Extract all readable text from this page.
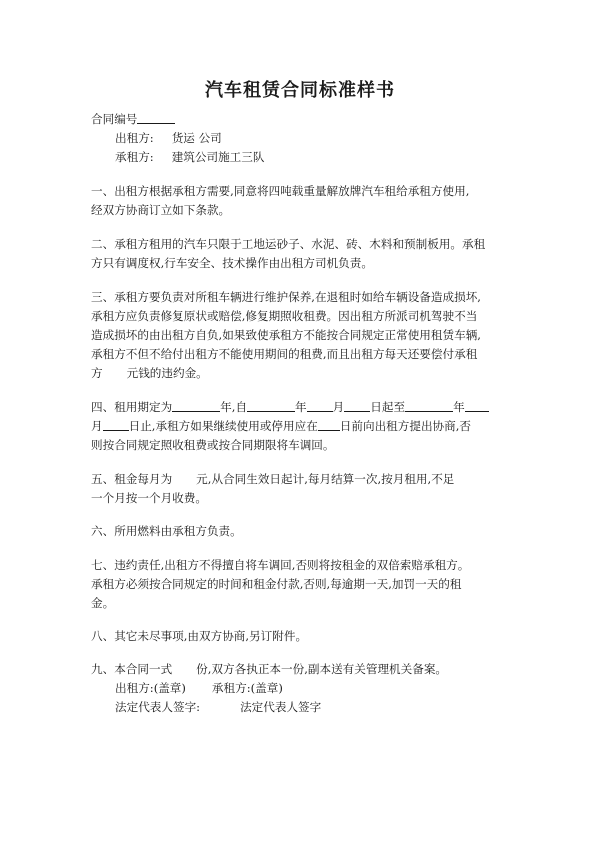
汽车租赁合同标准样书
合同编号
出租方: 货运 公司
承租方: 建筑公司施工三队
一、出租方根据承租方需要,同意将四吨载重量解放牌汽车租给承租方使用,
经双方协商订立如下条款。
二、承租方租用的汽车只限于工地运砂子、水泥、砖、木料和预制板用。承租
方只有调度权,行车安全、技术操作由出租方司机负责。
三、承租方要负责对所租车辆进行维护保养,在退租时如给车辆设备造成损坏,
承租方应负责修复原状或赔偿,修复期照收租费。因出租方所派司机驾驶不当
造成损坏的由出租方自负,如果致使承租方不能按合同规定正常使用租赁车辆,
承租方不但不给付出租方不能使用期间的租费,而且出租方每天还要偿付承租
方 元钱的违约金。
四、租用期定为	年,自	年 月 日起至	年
月 日止,承租方如果继续使用或停用应在 日前向出租方提出协商,否
则按合同规定照收租费或按合同期限将车调回。
五、租金每月为 元,从合同生效日起计,每月结算一次,按月租用,不足
一个月按一个月收费。
六、所用燃料由承租方负责。
七、违约责任,出租方不得擅自将车调回,否则将按租金的双倍索赔承租方。
承租方必须按合同规定的时间和租金付款,否则,每逾期一天,加罚一天的租
金。
八、其它未尽事项,由双方协商,另订附件。
九、本合同一式 份,双方各执正本一份,副本送有关管理机关备案。
出租方:(盖章) 承租方:(盖章)
法定代表人签字:	法定代表人签字
